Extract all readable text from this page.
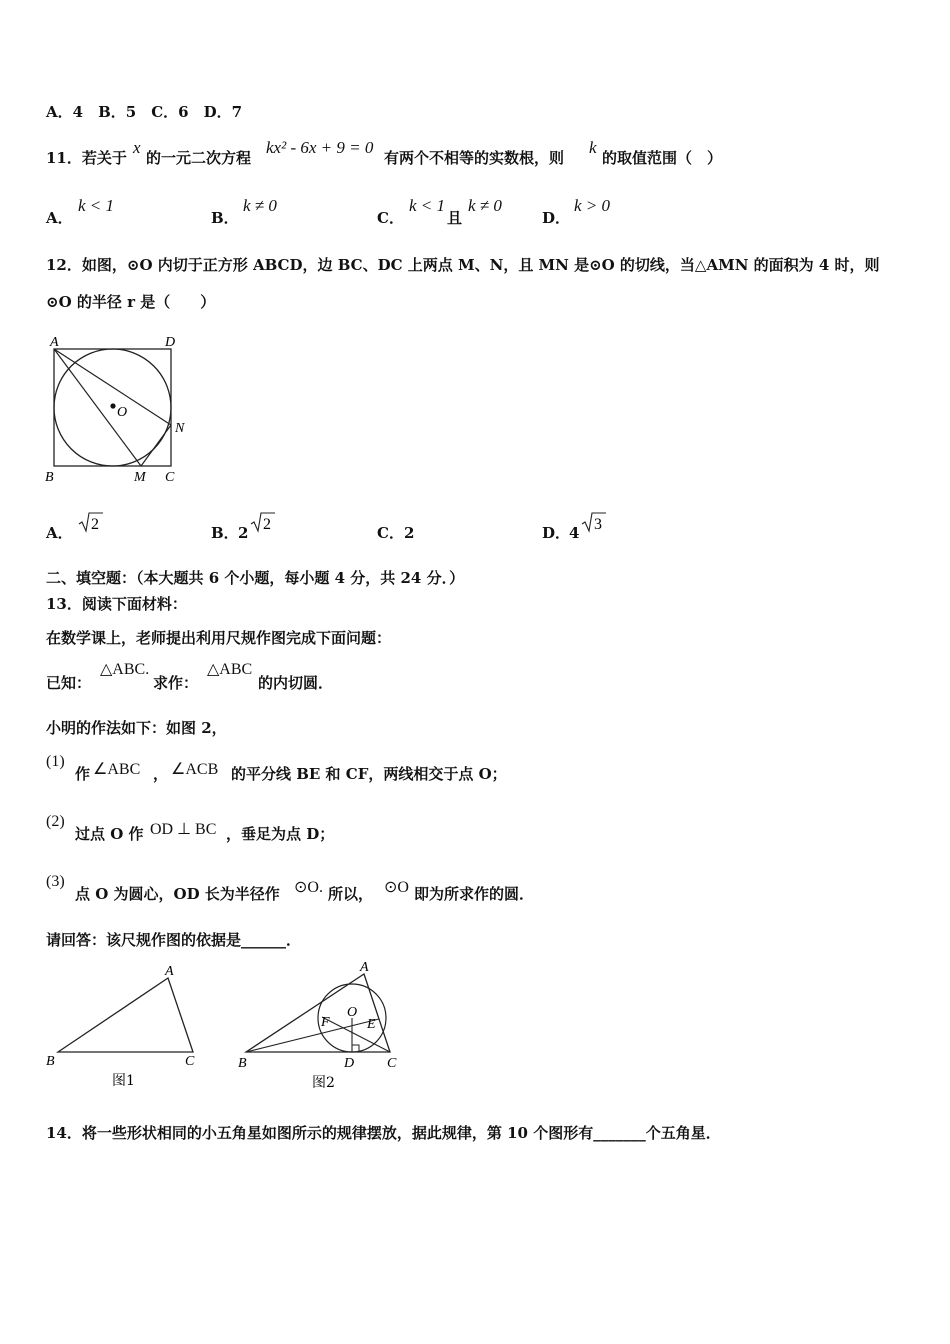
A．4　B．5　C．6　D．7
11．若关于
x
的一元二次方程
kx² - 6x + 9 = 0
有两个不相等的实数根，则
k
的取值范围（　）
A．
k < 1
B．
k ≠ 0
C．
k < 1
且
k ≠ 0
D．
k > 0
12．如图，⊙O 内切于正方形 ABCD，边 BC、DC 上两点 M、N，且 MN 是⊙O 的切线，当△AMN 的面积为 4 时，则
⊙O 的半径 r 是（　　）
A	D
O
N
B	M C
A． 2	B． 2 2	C． 2	D．
4 3
二、填空题：（本大题共 6 个小题，每小题 4 分，共 24 分．）
13．阅读下面材料：
在数学课上，老师提出利用尺规作图完成下面问题：
已知：
△ABC.
求作：
△ABC
的内切圆．
小明的作法如下：如图 2，
(1)
作 ∠ABC ， ∠ACB 的平分线 BE 和 CF，两线相交于点 O；
(2)
过点 O 作 OD ⊥ BC ，垂足为点 D；
(3)
点 O 为圆心，OD 长为半径作 ⊙O. 所以， ⊙O 即为所求作的圆．
请回答：该尺规作图的依据是______．
A
B	C
图1
A
B	C
D
E
F
O
图2
14．将一些形状相同的小五角星如图所示的规律摆放，据此规律，第 10 个图形有_______个五角星．
